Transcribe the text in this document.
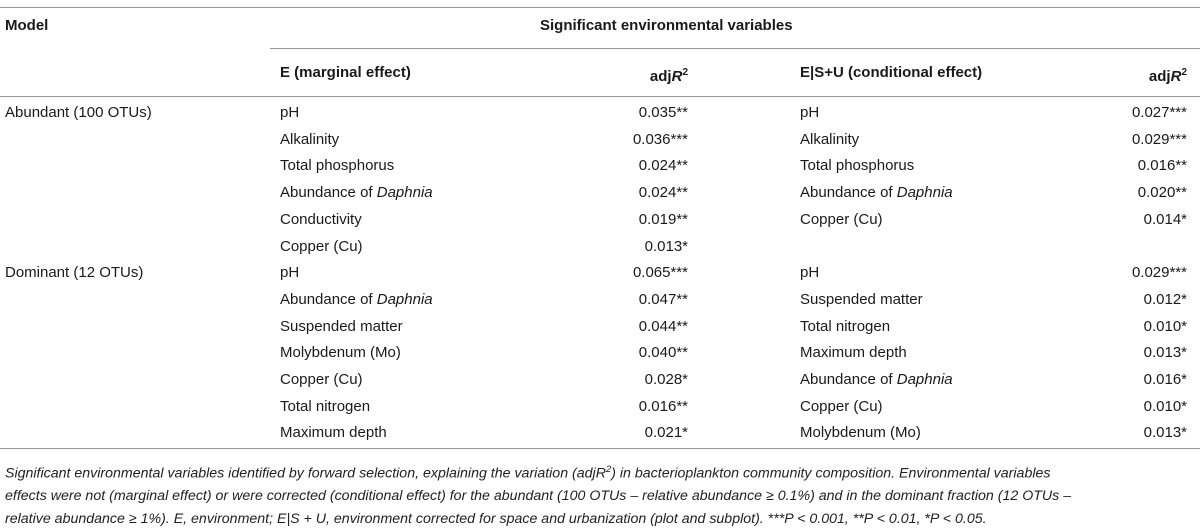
Model	Significant environmental variables
E (marginal effect)	adjR$^2$	E|S+U (conditional effect)	adjR$^2$
Abundant (100 OTUs)	pH	0.035**	pH	0.027***
Alkalinity	0.036***	Alkalinity	0.029***
Total phosphorus	0.024**	Total phosphorus	0.016**
Abundance of Daphnia	0.024**	Abundance of Daphnia	0.020**
Conductivity	0.019**	Copper (Cu)	0.014*
Copper (Cu)	0.013*
Dominant (12 OTUs)	pH	0.065***	pH	0.029***
Abundance of Daphnia	0.047**	Suspended matter	0.012*
Suspended matter	0.044**	Total nitrogen	0.010*
Molybdenum (Mo)	0.040**	Maximum depth	0.013*
Copper (Cu)	0.028*	Abundance of Daphnia	0.016*
Total nitrogen	0.016**	Copper (Cu)	0.010*
Maximum depth	0.021*	Molybdenum (Mo)	0.013*
Significant environmental variables identified by forward selection, explaining the variation (adjR$^2$) in bacterioplankton community composition. Environmental variables
effects were not (marginal effect) or were corrected (conditional effect) for the abundant (100 OTUs – relative abundance ≥ 0.1%) and in the dominant fraction (12 OTUs –
relative abundance ≥ 1%). E, environment; E|S + U, environment corrected for space and urbanization (plot and subplot). ***P < 0.001, **P < 0.01, *P < 0.05.
